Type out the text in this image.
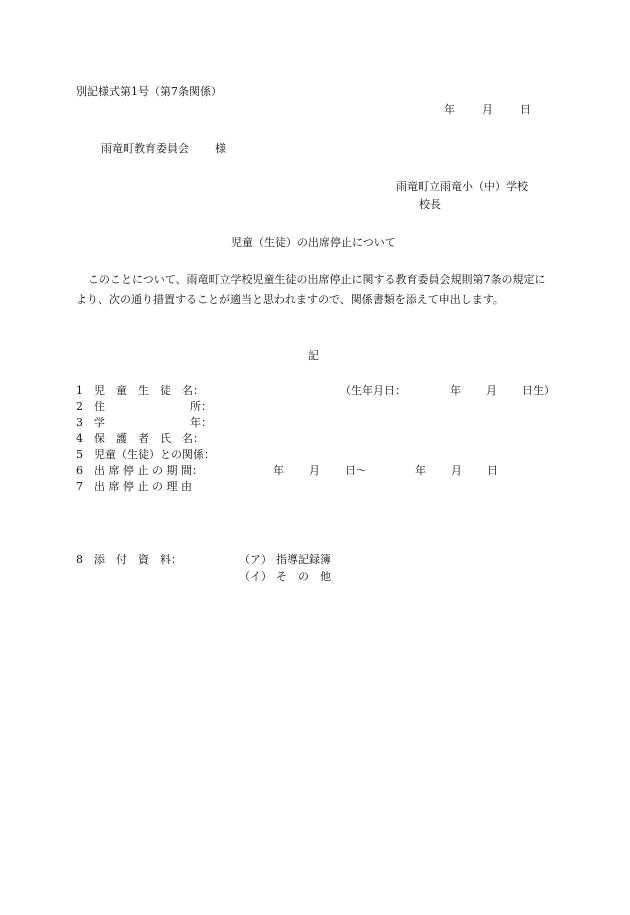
別記様式第1号（第7条関係）
年 月 日
雨竜町教育委員会 様
雨竜町立雨竜小（中）学校
校長
児童（生徒）の出席停止について
このことについて、雨竜町立学校児童生徒の出席停止に関する教育委員会規則第7条の規定により、次の通り措置することが適当と思われますので、関係書類を添えて申出します。
記
1 児　童　生　徒　名：	（生年月日：	年 月 日生）
2 住	所：
3 学	年：
4 保　護　者　氏　名：
5 児童（生徒）との関係：
6 出 席 停 止 の 期 間：	年 月 日〜	年 月 日
7 出 席 停 止 の 理 由
8 添　付　資　料：	（ア） 指導記録簿
（イ） そ　の　他
